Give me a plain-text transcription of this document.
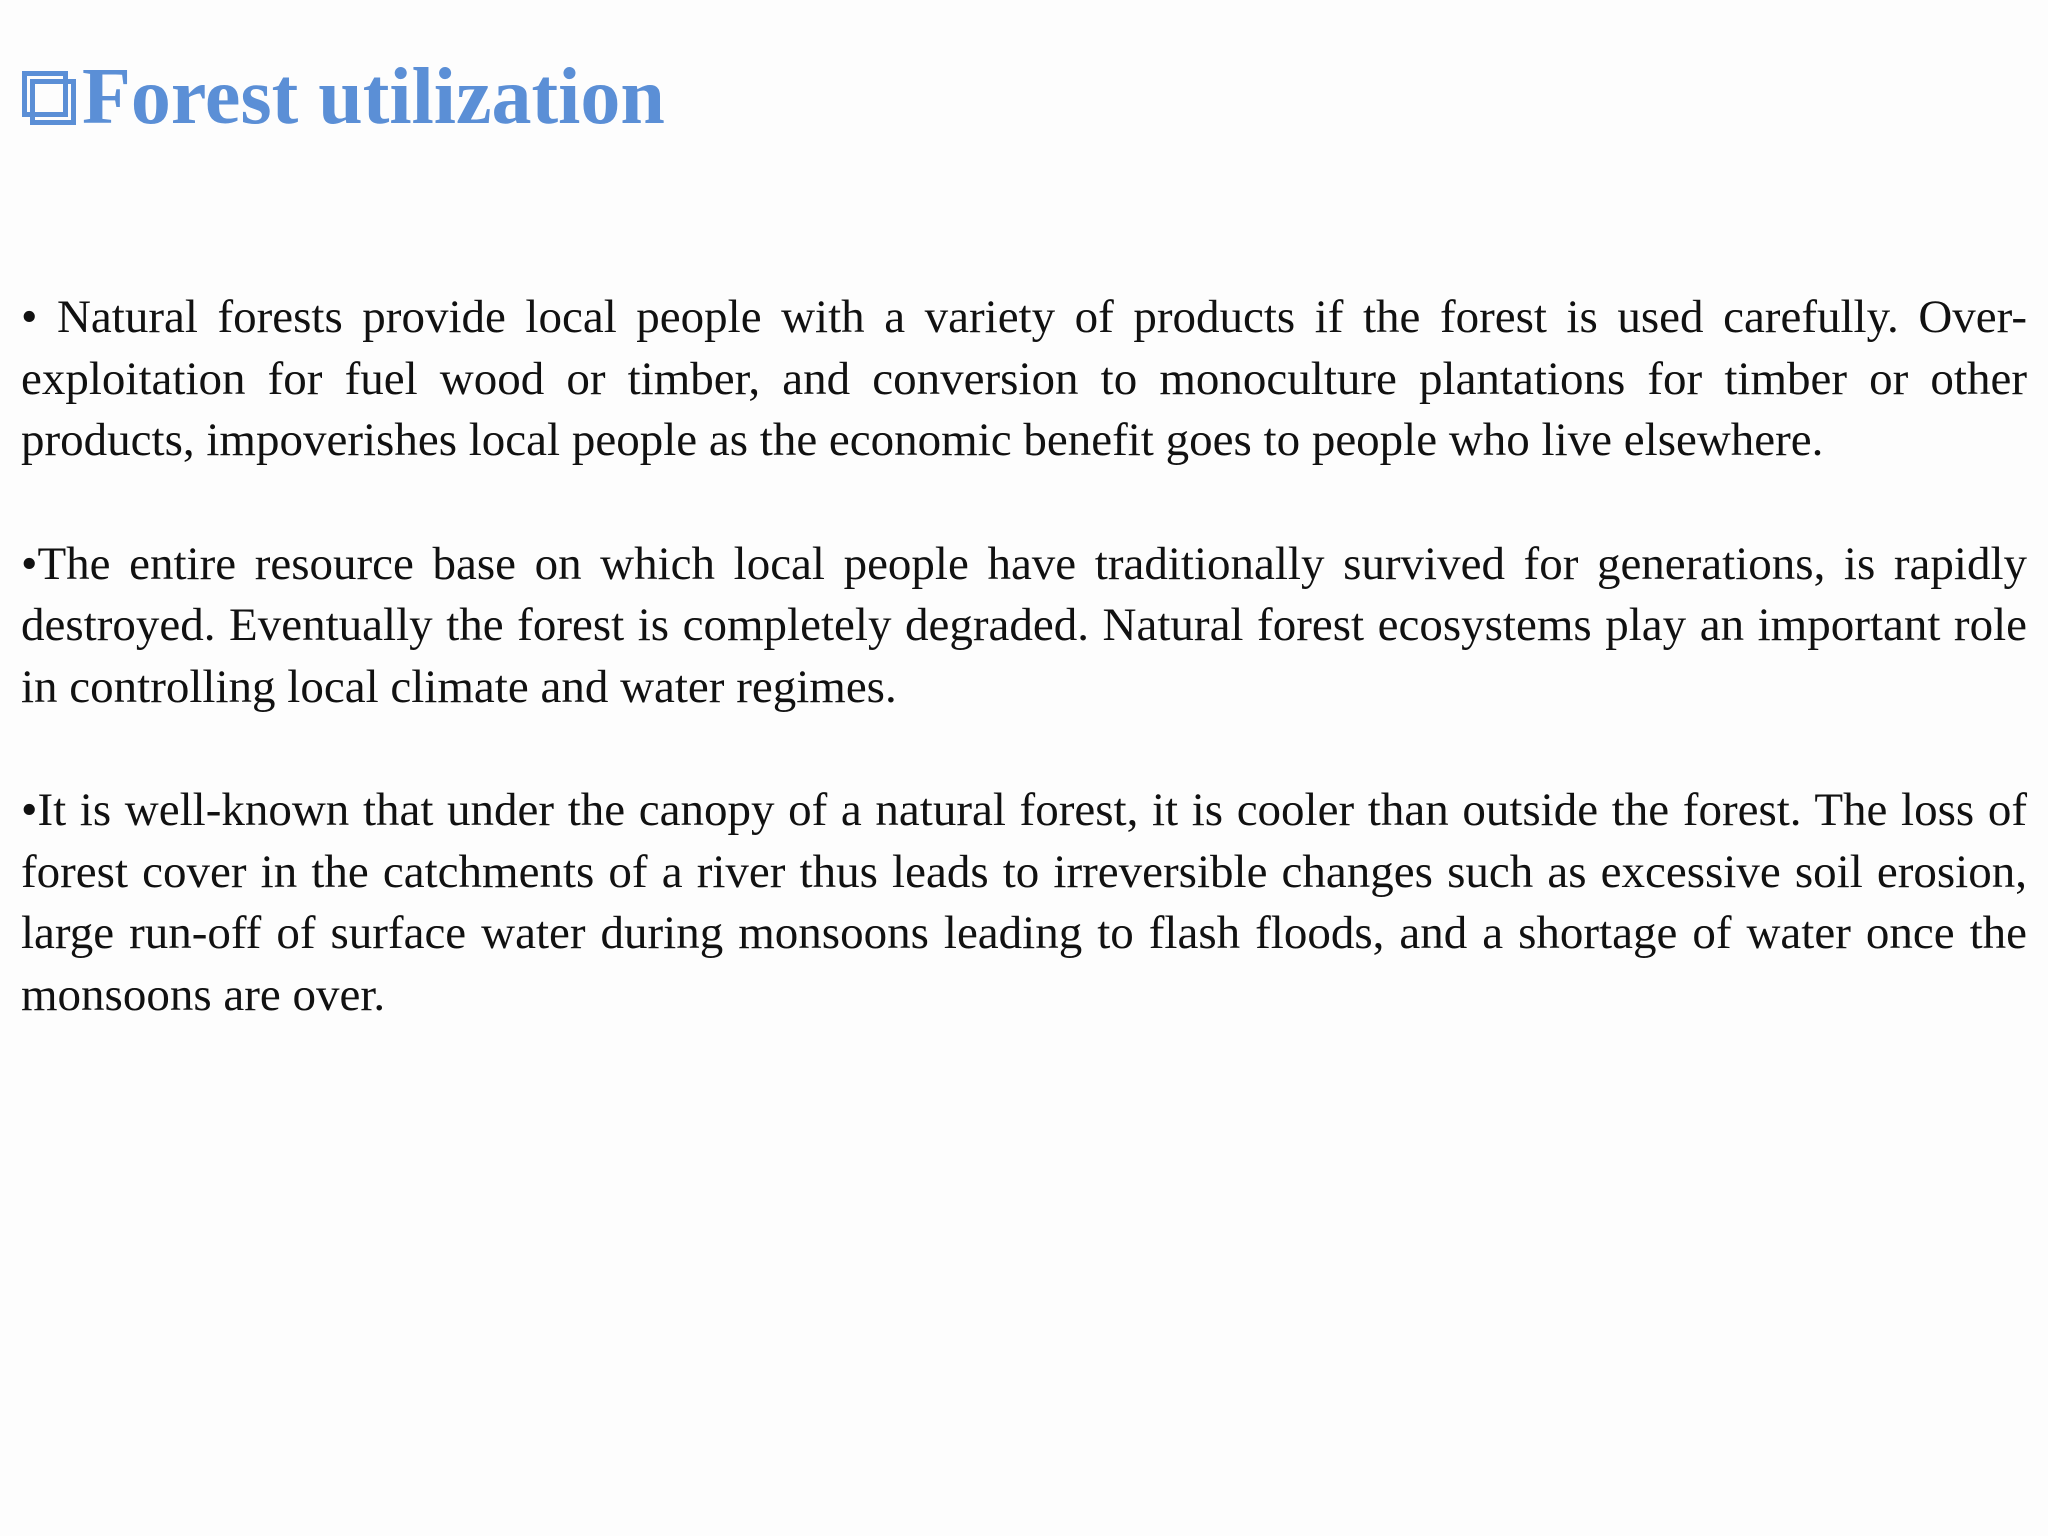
Forest utilization

• Natural forests provide local people with a variety of products if the forest is used carefully. Over-exploitation for fuel wood or timber, and conversion to monoculture plantations for timber or other products, impoverishes local people as the economic benefit goes to people who live elsewhere.

•The entire resource base on which local people have traditionally survived for generations, is rapidly destroyed. Eventually the forest is completely degraded. Natural forest ecosystems play an important role in controlling local climate and water regimes.

•It is well-known that under the canopy of a natural forest, it is cooler than outside the forest. The loss of forest cover in the catchments of a river thus leads to irreversible changes such as excessive soil erosion, large run-off of surface water during monsoons leading to flash floods, and a shortage of water once the monsoons are over.
